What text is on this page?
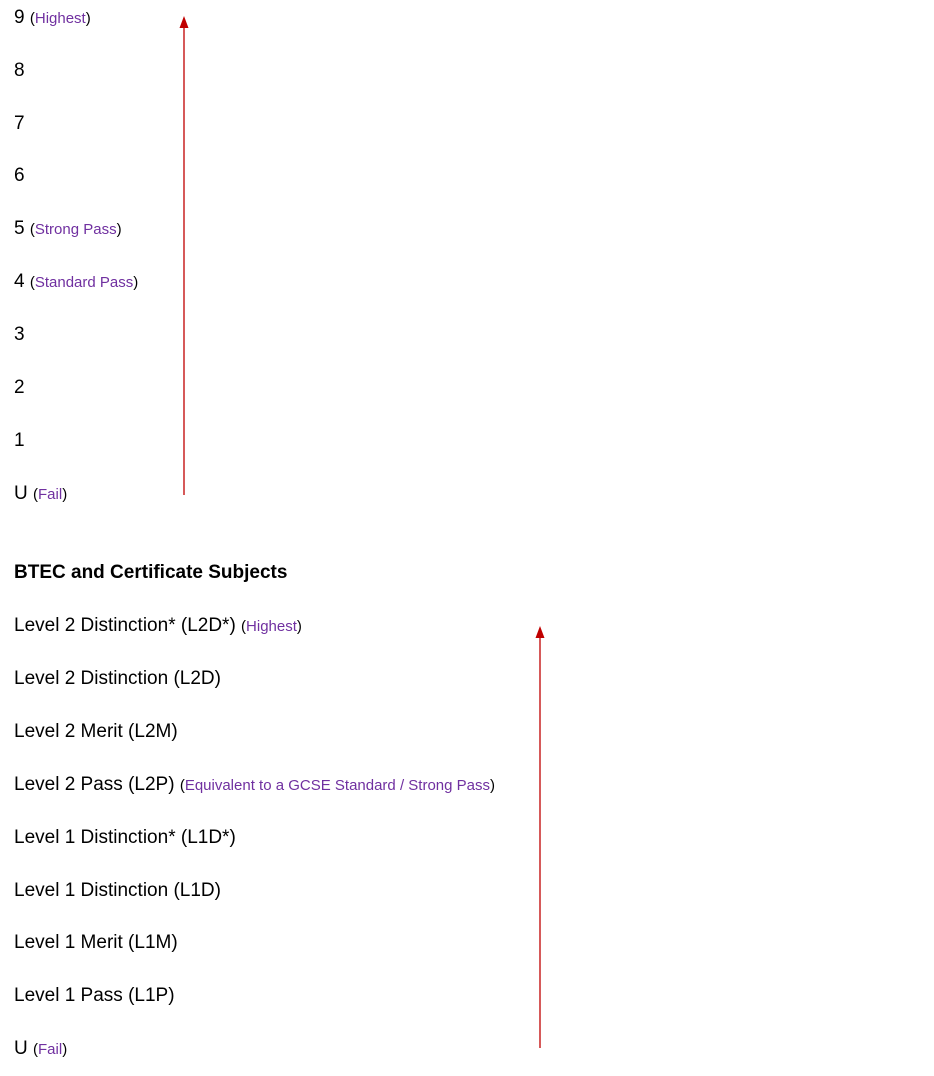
9 (Highest)
8
7
6
5 (Strong Pass)
4 (Standard Pass)
3
2
1
U (Fail)
BTEC and Certificate Subjects
Level 2 Distinction* (L2D*) (Highest)
Level 2 Distinction (L2D)
Level 2 Merit (L2M)
Level 2 Pass (L2P) (Equivalent to a GCSE Standard / Strong Pass)
Level 1 Distinction* (L1D*)
Level 1 Distinction (L1D)
Level 1 Merit (L1M)
Level 1 Pass (L1P)
U (Fail)
